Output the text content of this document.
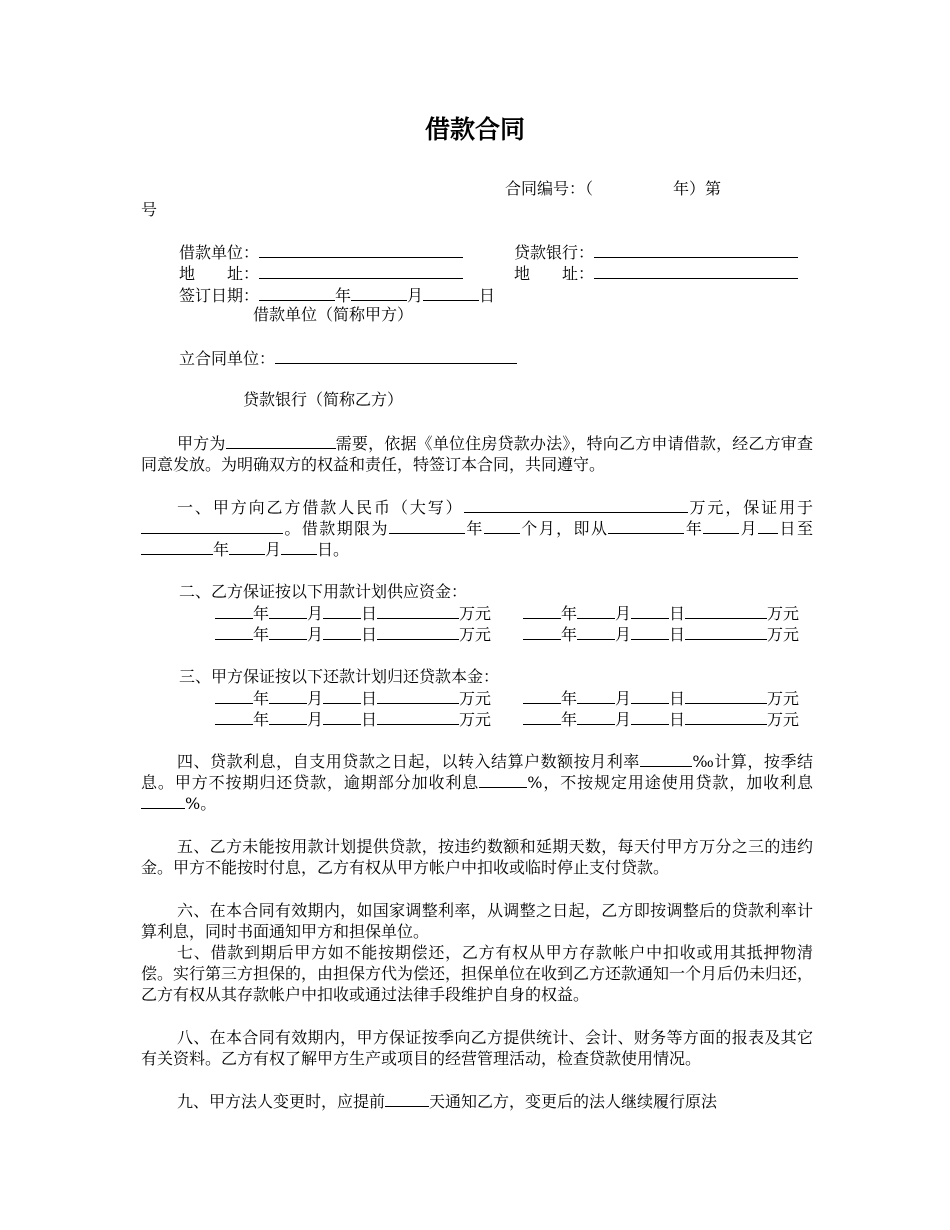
借款合同
合同编号：（	年）第
号
借款单位：	贷款银行：
地　　址：	地　　址：
签订日期：	年	月	日
借款单位（简称甲方）
立合同单位：
贷款银行（简称乙方）
甲方为	需要，依据《单位住房贷款办法》，特向乙方申请借款，经乙方审查同意发放。为明确双方的权益和责任，特签订本合同，共同遵守。
一、甲方向乙方借款人民币（大写）	万元，保证用于。借款期限为	年 个月，即从	年 月 日至年 月 日。
二、乙方保证按以下用款计划供应资金：
年 月 日	万元	年 月 日	万元
年 月 日	万元	年 月 日	万元
三、甲方保证按以下还款计划归还贷款本金：
年 月 日	万元	年 月 日	万元
年 月 日	万元	年 月 日	万元
四、贷款利息，自支用贷款之日起，以转入结算户数额按月利率	‰计算，按季结息。甲方不按期归还贷款，逾期部分加收利息	%，不按规定用途使用贷款，加收利息%。
五、乙方未能按用款计划提供贷款，按违约数额和延期天数，每天付甲方万分之三的违约金。甲方不能按时付息，乙方有权从甲方帐户中扣收或临时停止支付贷款。
六、在本合同有效期内，如国家调整利率，从调整之日起，乙方即按调整后的贷款利率计算利息，同时书面通知甲方和担保单位。
七、借款到期后甲方如不能按期偿还，乙方有权从甲方存款帐户中扣收或用其抵押物清偿。实行第三方担保的，由担保方代为偿还，担保单位在收到乙方还款通知一个月后仍未归还，乙方有权从其存款帐户中扣收或通过法律手段维护自身的权益。
八、在本合同有效期内，甲方保证按季向乙方提供统计、会计、财务等方面的报表及其它有关资料。乙方有权了解甲方生产或项目的经营管理活动，检查贷款使用情况。
九、甲方法人变更时，应提前	天通知乙方，变更后的法人继续履行原法
